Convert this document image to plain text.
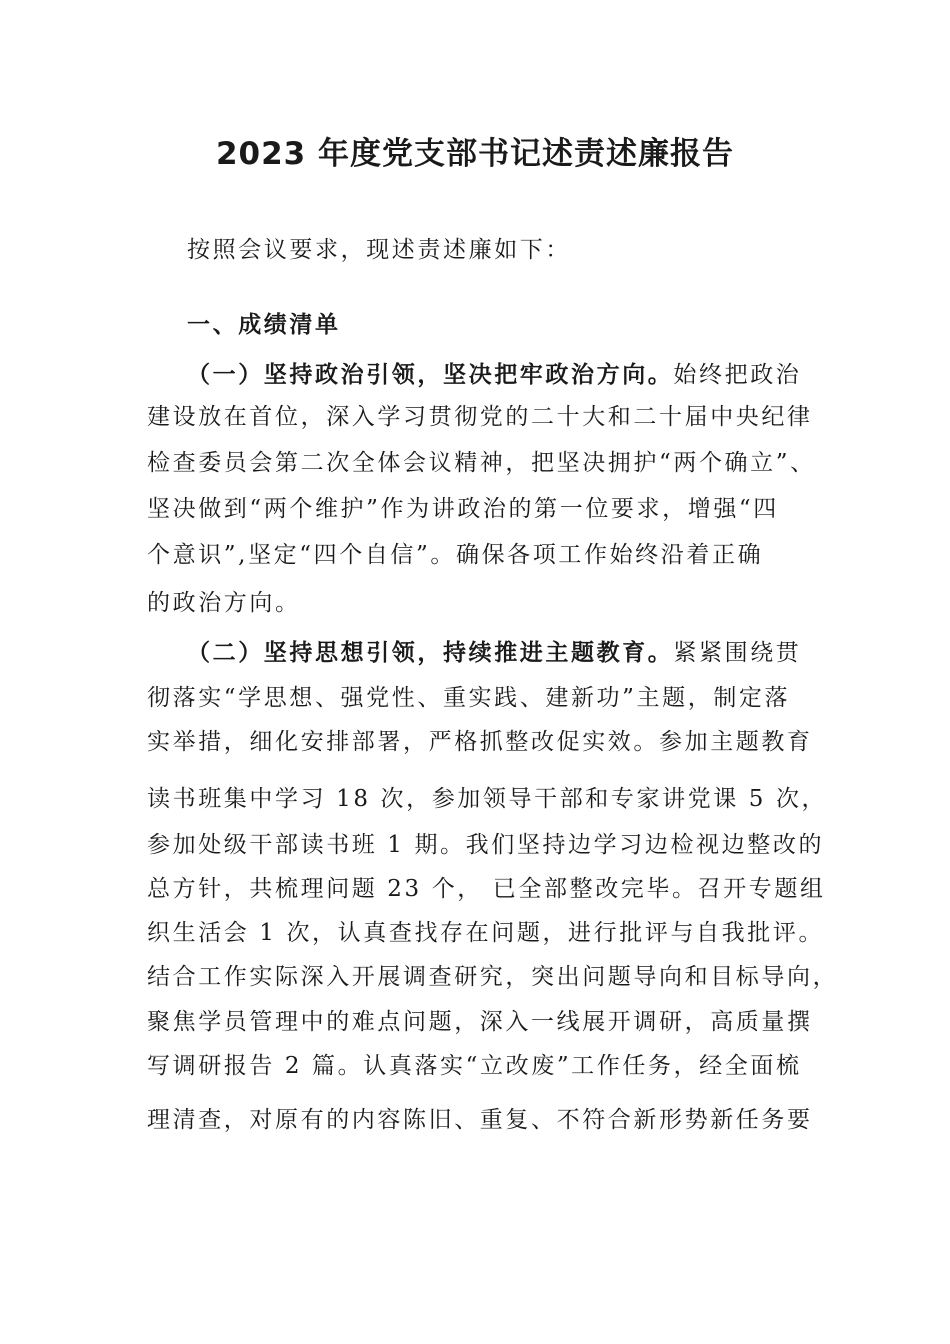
2023 年度党支部书记述责述廉报告
按照会议要求，现述责述廉如下：
一、成绩清单
（一）坚持政治引领，坚决把牢政治方向。始终把政治
建设放在首位，深入学习贯彻党的二十大和二十届中央纪律
检查委员会第二次全体会议精神，把坚决拥护“两个确立”、
坚决做到“两个维护”作为讲政治的第一位要求，增强“四
个意识”,坚定“四个自信”。确保各项工作始终沿着正确
的政治方向。
（二）坚持思想引领，持续推进主题教育。紧紧围绕贯
彻落实“学思想、强党性、重实践、建新功”主题，制定落
实举措，细化安排部署，严格抓整改促实效。参加主题教育
读书班集中学习 18 次，参加领导干部和专家讲党课 5 次，
参加处级干部读书班 1 期。我们坚持边学习边检视边整改的
总方针，共梳理问题 23 个， 已全部整改完毕。召开专题组
织生活会 1 次，认真查找存在问题，进行批评与自我批评。
结合工作实际深入开展调查研究，突出问题导向和目标导向，
聚焦学员管理中的难点问题，深入一线展开调研，高质量撰
写调研报告 2 篇。认真落实“立改废”工作任务，经全面梳
理清查，对原有的内容陈旧、重复、不符合新形势新任务要
